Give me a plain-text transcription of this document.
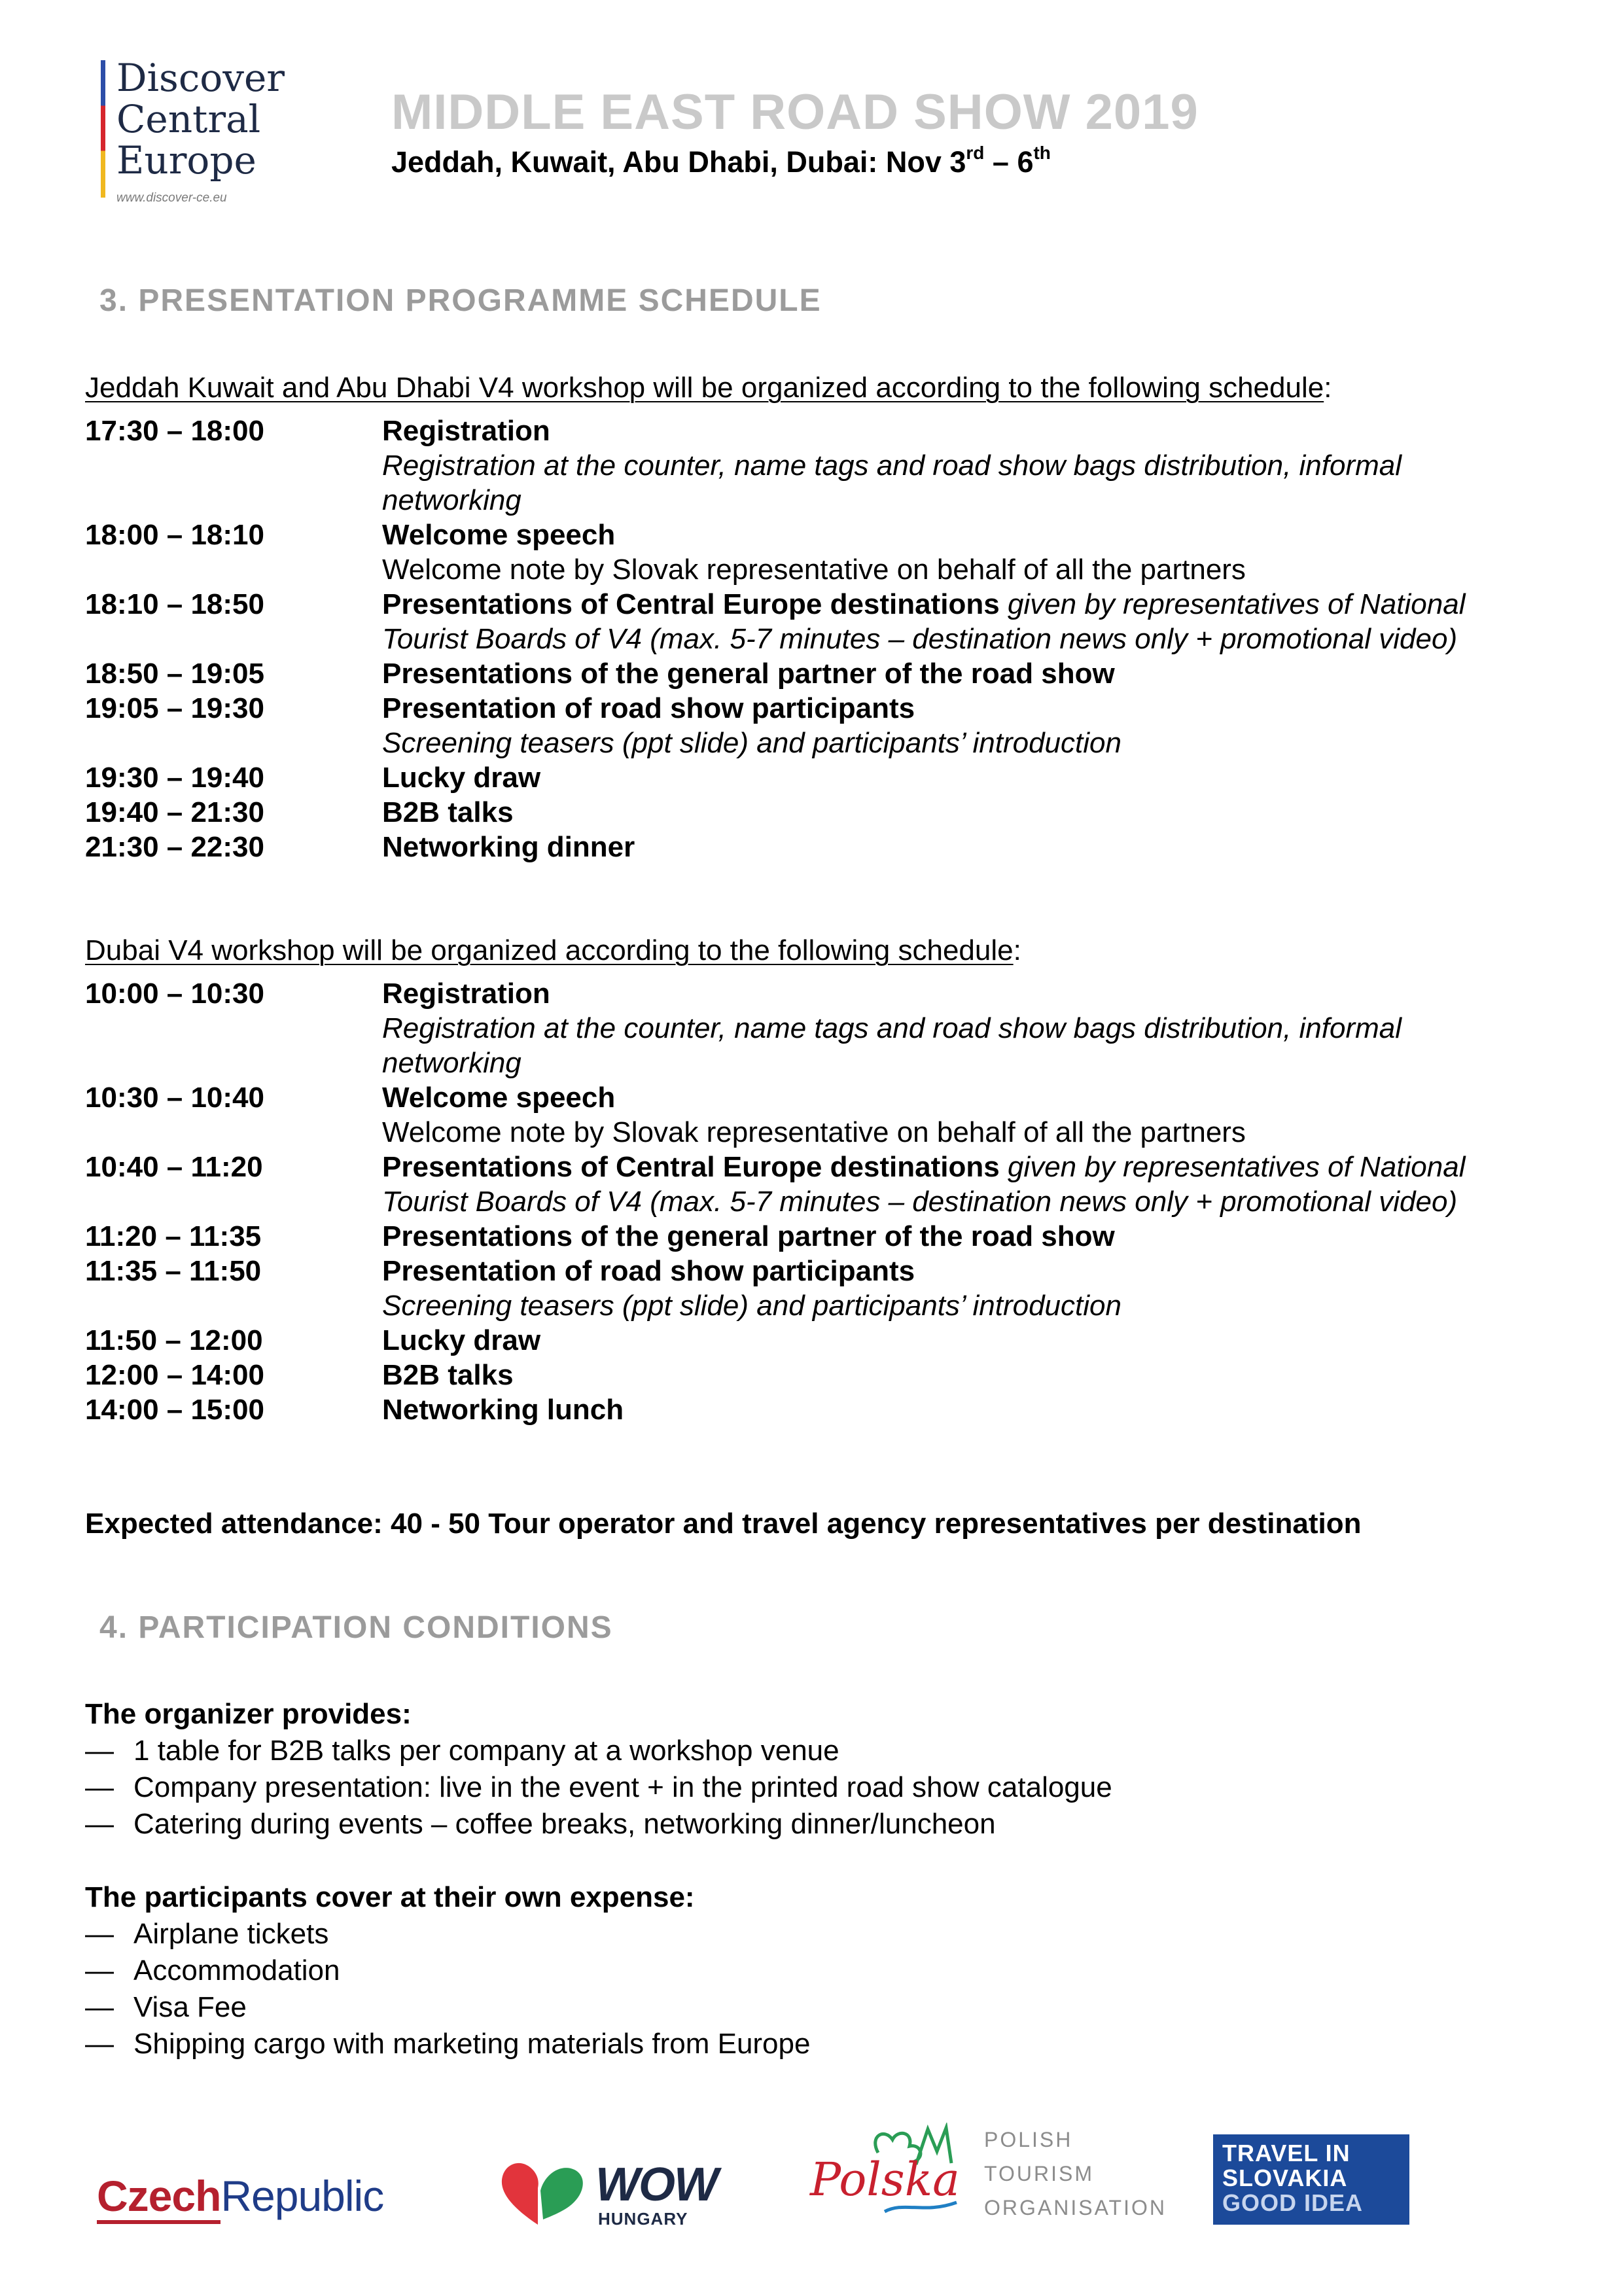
Discover
Central
Europe
www.discover-ce.eu
MIDDLE EAST ROAD SHOW 2019
Jeddah, Kuwait, Abu Dhabi, Dubai: Nov 3rd – 6th
3. PRESENTATION PROGRAMME SCHEDULE
Jeddah Kuwait and Abu Dhabi V4 workshop will be organized according to the following schedule:
17:30 – 18:00	Registration
Registration at the counter, name tags and road show bags distribution, informal
networking
18:00 – 18:10	Welcome speech
Welcome note by Slovak representative on behalf of all the partners
18:10 – 18:50	Presentations of Central Europe destinations given by representatives of National
Tourist Boards of V4 (max. 5-7 minutes – destination news only + promotional video)
18:50 – 19:05	Presentations of the general partner of the road show
19:05 – 19:30	Presentation of road show participants
Screening teasers (ppt slide) and participants’ introduction
19:30 – 19:40	Lucky draw
19:40 – 21:30	B2B talks
21:30 – 22:30	Networking dinner
Dubai V4 workshop will be organized according to the following schedule:
10:00 – 10:30	Registration
Registration at the counter, name tags and road show bags distribution, informal
networking
10:30 – 10:40	Welcome speech
Welcome note by Slovak representative on behalf of all the partners
10:40 – 11:20	Presentations of Central Europe destinations given by representatives of National
Tourist Boards of V4 (max. 5-7 minutes – destination news only + promotional video)
11:20 – 11:35	Presentations of the general partner of the road show
11:35 – 11:50	Presentation of road show participants
Screening teasers (ppt slide) and participants’ introduction
11:50 – 12:00	Lucky draw
12:00 – 14:00	B2B talks
14:00 – 15:00	Networking lunch
Expected attendance: 40 - 50 Tour operator and travel agency representatives per destination
4. PARTICIPATION CONDITIONS
The organizer provides:
— 1 table for B2B talks per company at a workshop venue
— Company presentation: live in the event + in the printed road show catalogue
— Catering during events – coffee breaks, networking dinner/luncheon
The participants cover at their own expense:
— Airplane tickets
— Accommodation
— Visa Fee
— Shipping cargo with marketing materials from Europe
CzechRepublic	WOW
HUNGARY
Polska
POLISH
TOURISM
ORGANISATION
TRAVEL IN
SLOVAKIA
GOOD IDEA
